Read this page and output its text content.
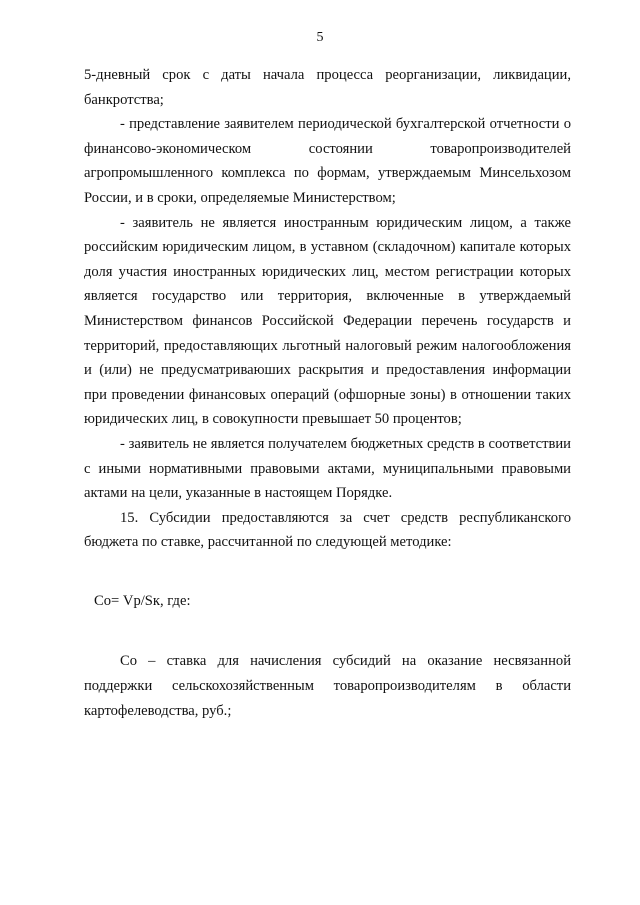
5

5-дневный срок с даты начала процесса реорганизации, ликвидации, банкротства;

- представление заявителем периодической бухгалтерской отчетности о финансово-экономическом состоянии товаропроизводителей агропромышленного комплекса по формам, утверждаемым Минсельхозом России, и в сроки, определяемые Министерством;

- заявитель не является иностранным юридическим лицом, а также российским юридическим лицом, в уставном (складочном) капитале которых доля участия иностранных юридических лиц, местом регистрации которых является государство или территория, включенные в утверждаемый Министерством финансов Российской Федерации перечень государств и территорий, предоставляющих льготный налоговый режим налогообложения и (или) не предусматриваюших раскрытия и предоставления информации при проведении финансовых операций (офшорные зоны) в отношении таких юридических лиц, в совокупности превышает 50 процентов;

- заявитель не является получателем бюджетных средств в соответствии с иными нормативными правовыми актами, муниципальными правовыми актами на цели, указанные в настоящем Порядке.

15. Субсидии предоставляются за счет средств республиканского бюджета по ставке, рассчитанной по следующей методике:

Со= Vp/Sк, где:

Со – ставка для начисления субсидий на оказание несвязанной поддержки сельскохозяйственным товаропроизводителям в области картофелеводства, руб.;
